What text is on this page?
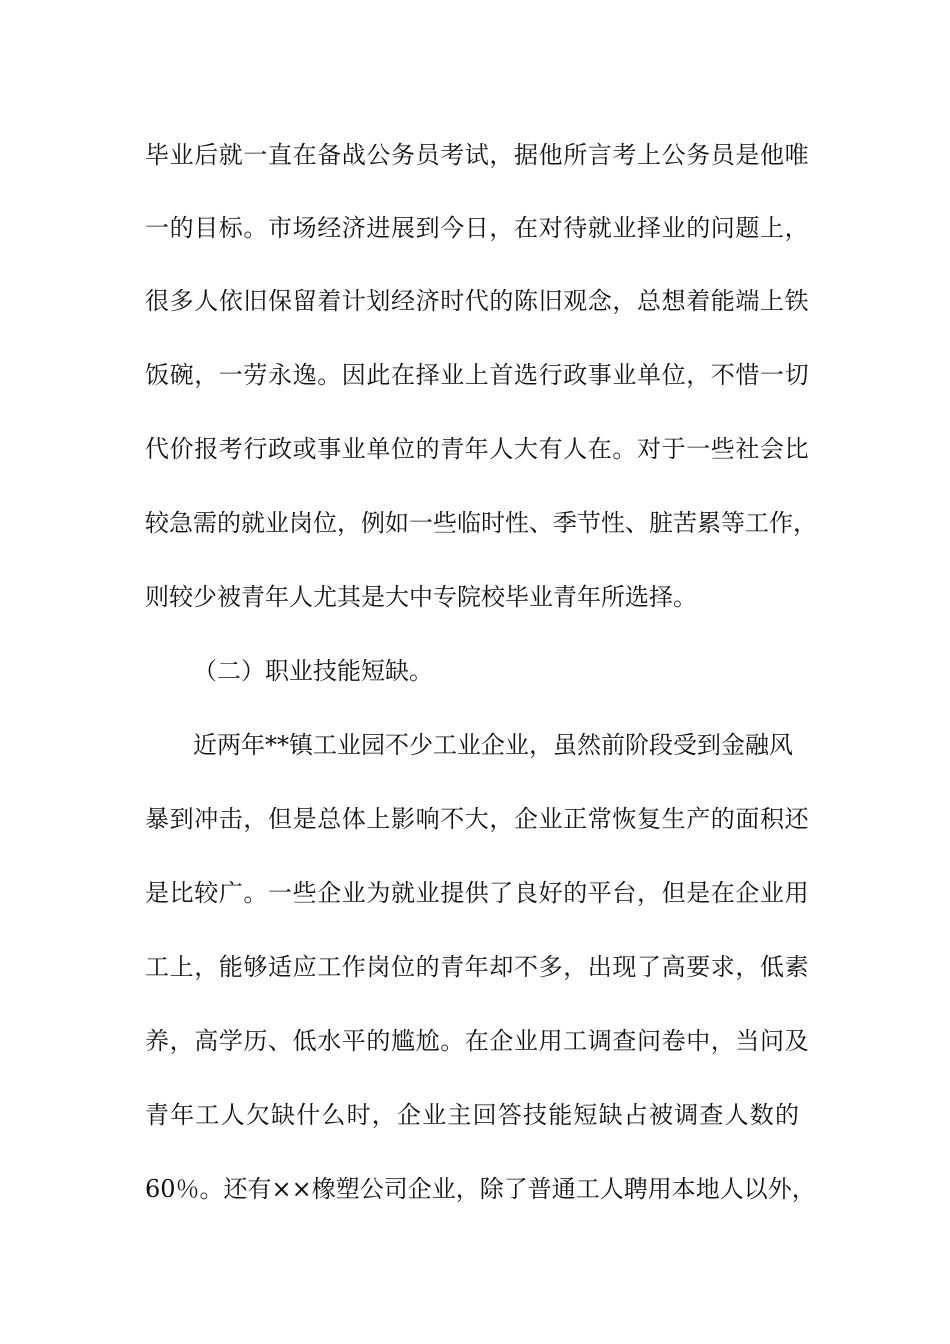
毕业后就一直在备战公务员考试，据他所言考上公务员是他唯
一的目标。市场经济进展到今日，在对待就业择业的问题上，
很多人依旧保留着计划经济时代的陈旧观念，总想着能端上铁
饭碗，一劳永逸。因此在择业上首选行政事业单位，不惜一切
代价报考行政或事业单位的青年人大有人在。对于一些社会比
较急需的就业岗位，例如一些临时性、季节性、脏苦累等工作，
则较少被青年人尤其是大中专院校毕业青年所选择。
（二）职业技能短缺。
近两年**镇工业园不少工业企业，虽然前阶段受到金融风
暴到冲击，但是总体上影响不大，企业正常恢复生产的面积还
是比较广。一些企业为就业提供了良好的平台，但是在企业用
工上，能够适应工作岗位的青年却不多，出现了高要求，低素
养，高学历、低水平的尴尬。在企业用工调查问卷中，当问及
青年工人欠缺什么时，企业主回答技能短缺占被调查人数的
60％。还有××橡塑公司企业，除了普通工人聘用本地人以外，
